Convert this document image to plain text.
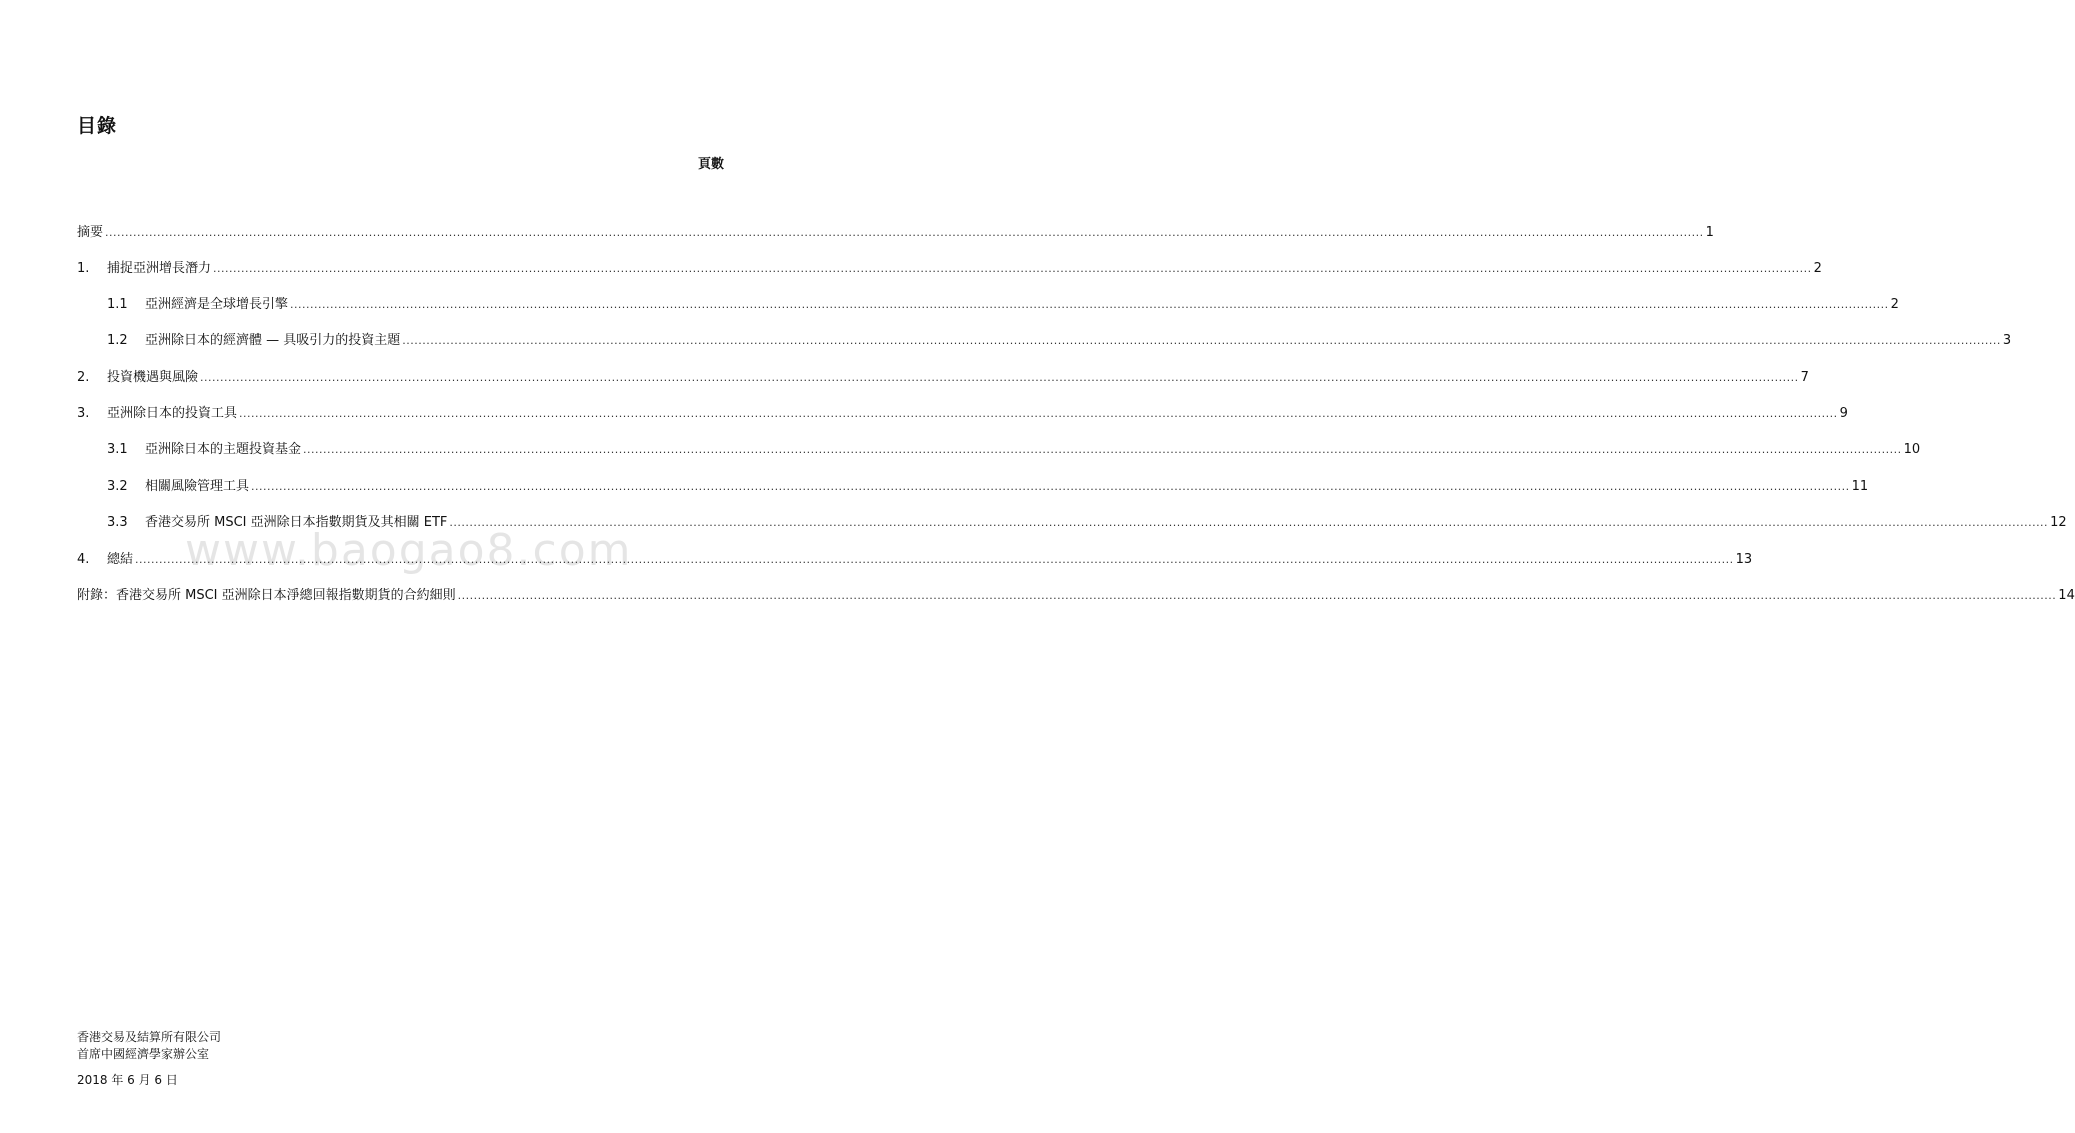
目錄
頁數
www.baogao8.com
摘要 ................................................................................................................................................................................................................................................................................................................................................................................................................ 1
1.	捕捉亞洲增長潛力 ................................................................................................................................................................................................................................................................................................................................................................................................................ 2
1.1	亞洲經濟是全球增長引擎 ................................................................................................................................................................................................................................................................................................................................................................................................................ 2
1.2	亞洲除日本的經濟體 — 具吸引力的投資主題 ................................................................................................................................................................................................................................................................................................................................................................................................................ 3
2.	投資機遇與風險 ................................................................................................................................................................................................................................................................................................................................................................................................................ 7
3.	亞洲除日本的投資工具 ................................................................................................................................................................................................................................................................................................................................................................................................................ 9
3.1	亞洲除日本的主題投資基金 ................................................................................................................................................................................................................................................................................................................................................................................................................ 10
3.2	相關風險管理工具 ................................................................................................................................................................................................................................................................................................................................................................................................................ 11
3.3	香港交易所 MSCI 亞洲除日本指數期貨及其相關 ETF ................................................................................................................................................................................................................................................................................................................................................................................................................ 12
4.	總結 ................................................................................................................................................................................................................................................................................................................................................................................................................ 13
附錄：香港交易所 MSCI 亞洲除日本淨總回報指數期貨的合約細則 ................................................................................................................................................................................................................................................................................................................................................................................................................ 14
香港交易及結算所有限公司
首席中國經濟學家辦公室
2018 年 6 月 6 日
